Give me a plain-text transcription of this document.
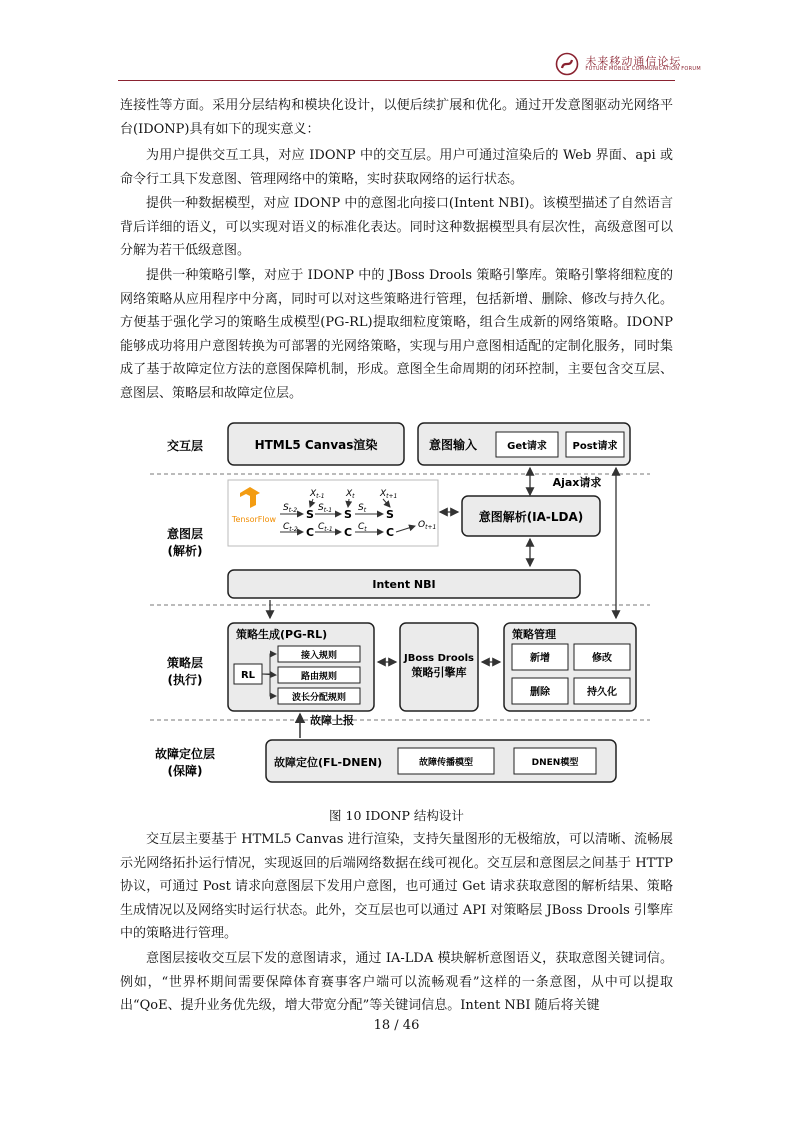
未来移动通信论坛
FUTURE MOBILE COMMUNICATION FORUM

连接性等方面。采用分层结构和模块化设计，以便后续扩展和优化。通过开发意图驱动光网络平台(IDONP)具有如下的现实意义：

为用户提供交互工具，对应 IDONP 中的交互层。用户可通过渲染后的 Web 界面、api 或命令行工具下发意图、管理网络中的策略，实时获取网络的运行状态。

提供一种数据模型，对应 IDONP 中的意图北向接口(Intent NBI)。该模型描述了自然语言背后详细的语义，可以实现对语义的标准化表达。同时这种数据模型具有层次性，高级意图可以分解为若干低级意图。

提供一种策略引擎，对应于 IDONP 中的 JBoss Drools 策略引擎库。策略引擎将细粒度的网络策略从应用程序中分离，同时可以对这些策略进行管理，包括新增、删除、修改与持久化。方便基于强化学习的策略生成模型(PG-RL)提取细粒度策略，组合生成新的网络策略。IDONP 能够成功将用户意图转换为可部署的光网络策略，实现与用户意图相适配的定制化服务，同时集成了基于故障定位方法的意图保障机制，形成。意图全生命周期的闭环控制，主要包含交互层、意图层、策略层和故障定位层。

交互层
意图层
(解析)
策略层
(执行)
故障定位层
(保障)
HTML5 Canvas渲染	意图输入	Get请求	Post请求
Ajax请求
TensorFlow
$X_{t-1}$ $X_t$	$X_{t+1}$
$S_{t-2}$ $S_{t-1}$	$S_t$
$C_{t-2}$ $C_{t-1}$	$C_t$	$O_{t+1}$
S	S	S
C	C	C
意图解析(IA-LDA)
Intent NBI
策略生成(PG-RL)
RL
接入规则
路由规则
波长分配规则
JBoss Drools
策略引擎库
策略管理
新增	修改
删除	持久化
故障上报
故障定位(FL-DNEN)	故障传播模型	DNEN模型
图 10 IDONP 结构设计

交互层主要基于 HTML5 Canvas 进行渲染，支持矢量图形的无极缩放，可以清晰、流畅展示光网络拓扑运行情况，实现返回的后端网络数据在线可视化。交互层和意图层之间基于 HTTP 协议，可通过 Post 请求向意图层下发用户意图，也可通过 Get 请求获取意图的解析结果、策略生成情况以及网络实时运行状态。此外，交互层也可以通过 API 对策略层 JBoss Drools 引擎库中的策略进行管理。

意图层接收交互层下发的意图请求，通过 IA-LDA 模块解析意图语义，获取意图关键词信。例如，“世界杯期间需要保障体育赛事客户端可以流畅观看”这样的一条意图，从中可以提取出“QoE、提升业务优先级，增大带宽分配”等关键词信息。Intent NBI 随后将关键

18 / 46
